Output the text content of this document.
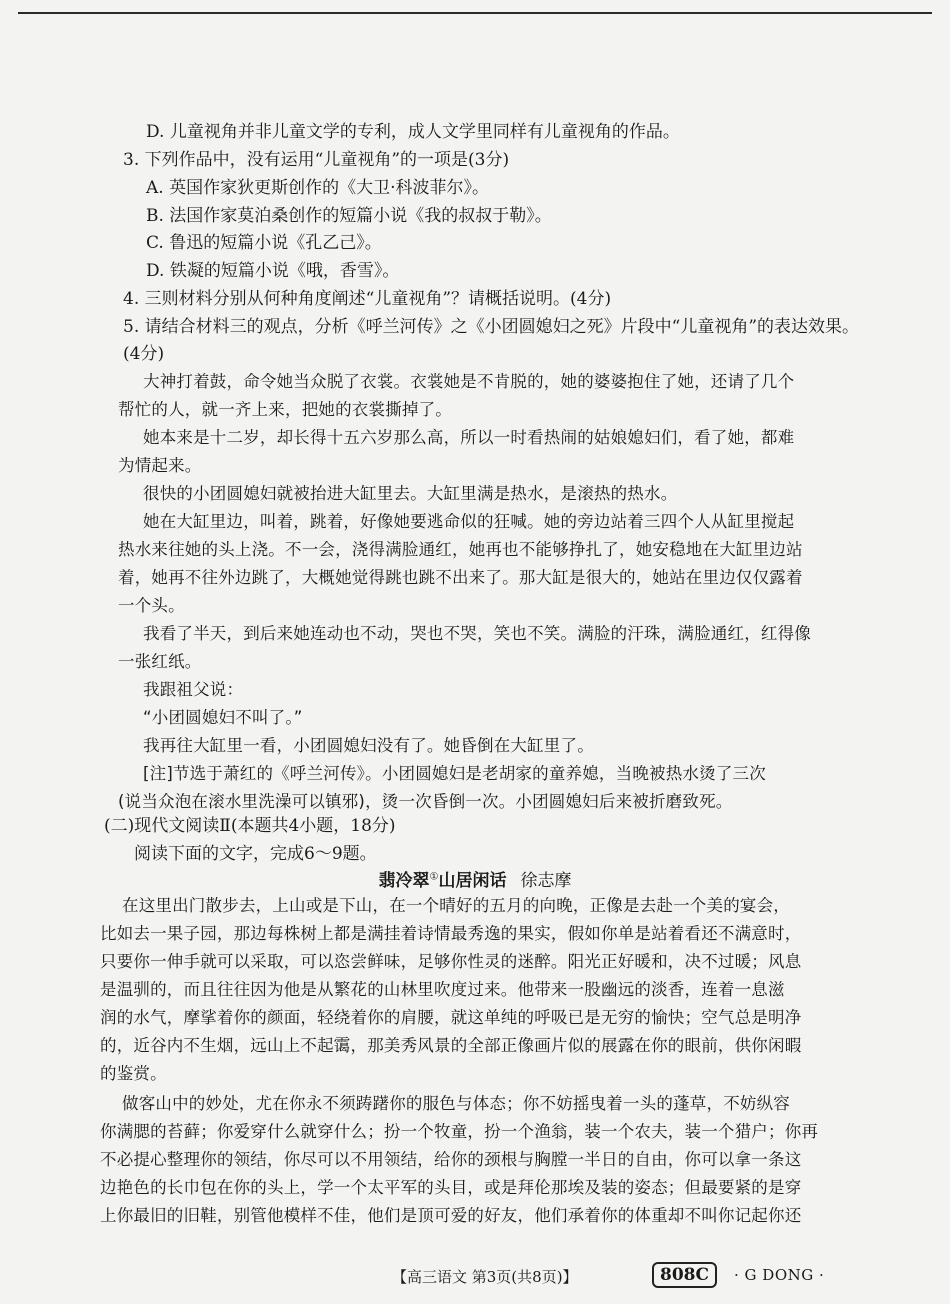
D. 儿童视角并非儿童文学的专利，成人文学里同样有儿童视角的作品。
3. 下列作品中，没有运用“儿童视角”的一项是(3分)
A. 英国作家狄更斯创作的《大卫·科波菲尔》。
B. 法国作家莫泊桑创作的短篇小说《我的叔叔于勒》。
C. 鲁迅的短篇小说《孔乙己》。
D. 铁凝的短篇小说《哦，香雪》。
4. 三则材料分别从何种角度阐述“儿童视角”？请概括说明。(4分)
5. 请结合材料三的观点，分析《呼兰河传》之《小团圆媳妇之死》片段中“儿童视角”的表达效果。
(4分)
大神打着鼓，命令她当众脱了衣裳。衣裳她是不肯脱的，她的婆婆抱住了她，还请了几个
帮忙的人，就一齐上来，把她的衣裳撕掉了。
她本来是十二岁，却长得十五六岁那么高，所以一时看热闹的姑娘媳妇们，看了她，都难
为情起来。
很快的小团圆媳妇就被抬进大缸里去。大缸里满是热水，是滚热的热水。
她在大缸里边，叫着，跳着，好像她要逃命似的狂喊。她的旁边站着三四个人从缸里搅起
热水来往她的头上浇。不一会，浇得满脸通红，她再也不能够挣扎了，她安稳地在大缸里边站
着，她再不往外边跳了，大概她觉得跳也跳不出来了。那大缸是很大的，她站在里边仅仅露着
一个头。
我看了半天，到后来她连动也不动，哭也不哭，笑也不笑。满脸的汗珠，满脸通红，红得像
一张红纸。
我跟祖父说：
“小团圆媳妇不叫了。”
我再往大缸里一看，小团圆媳妇没有了。她昏倒在大缸里了。
[注]节选于萧红的《呼兰河传》。小团圆媳妇是老胡家的童养媳，当晚被热水烫了三次
(说当众泡在滚水里洗澡可以镇邪)，烫一次昏倒一次。小团圆媳妇后来被折磨致死。
(二)现代文阅读Ⅱ(本题共4小题，18分)
阅读下面的文字，完成6～9题。
翡冷翠①山居闲话 徐志摩
在这里出门散步去，上山或是下山，在一个晴好的五月的向晚，正像是去赴一个美的宴会，
比如去一果子园，那边每株树上都是满挂着诗情最秀逸的果实，假如你单是站着看还不满意时，
只要你一伸手就可以采取，可以恣尝鲜味，足够你性灵的迷醉。阳光正好暖和，决不过暖；风息
是温驯的，而且往往因为他是从繁花的山林里吹度过来。他带来一股幽远的淡香，连着一息滋
润的水气，摩挲着你的颜面，轻绕着你的肩腰，就这单纯的呼吸已是无穷的愉快；空气总是明净
的，近谷内不生烟，远山上不起霭，那美秀风景的全部正像画片似的展露在你的眼前，供你闲暇
的鉴赏。
做客山中的妙处，尤在你永不须踌躇你的服色与体态；你不妨摇曳着一头的蓬草，不妨纵容
你满腮的苔藓；你爱穿什么就穿什么；扮一个牧童，扮一个渔翁，装一个农夫，装一个猎户；你再
不必提心整理你的领结，你尽可以不用领结，给你的颈根与胸膛一半日的自由，你可以拿一条这
边艳色的长巾包在你的头上，学一个太平军的头目，或是拜伦那埃及装的姿态；但最要紧的是穿
上你最旧的旧鞋，别管他模样不佳，他们是顶可爱的好友，他们承着你的体重却不叫你记起你还
【高三语文 第3页(共8页)】	808C	· G DONG ·
